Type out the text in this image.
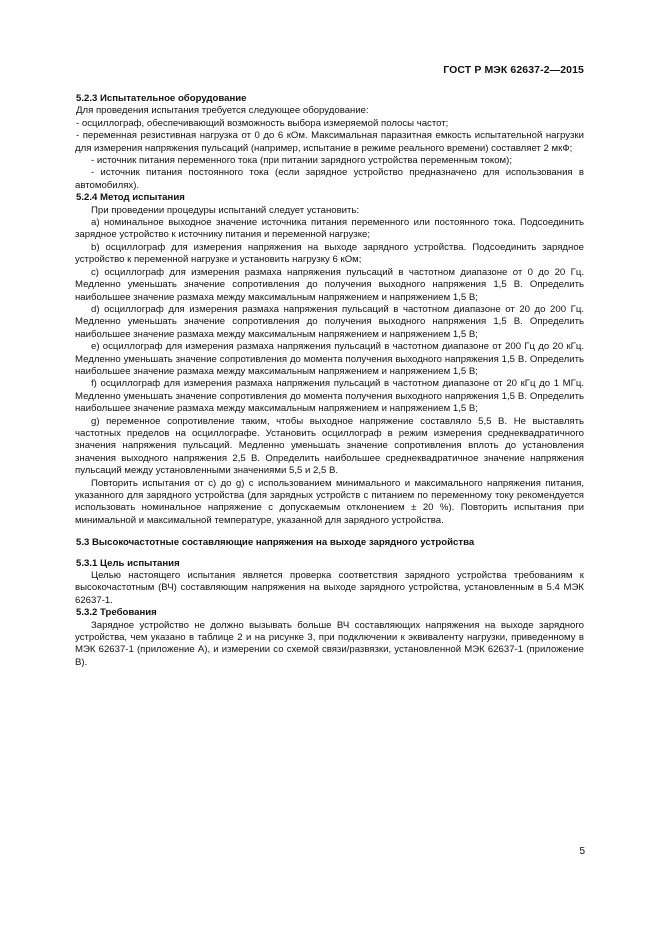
ГОСТ Р МЭК 62637-2—2015

5.2.3 Испытательное оборудование

Для проведения испытания требуется следующее оборудование:

- осциллограф, обеспечивающий возможность выбора измеряемой полосы частот;

- переменная резистивная нагрузка от 0 до 6 кОм. Максимальная паразитная емкость испытательной нагрузки для измерения напряжения пульсаций (например, испытание в режиме реального времени) составляет 2 мкФ;

- источник питания переменного тока (при питании зарядного устройства переменным током);

- источник питания постоянного тока (если зарядное устройство предназначено для использования в автомобилях).

5.2.4 Метод испытания

При проведении процедуры испытаний следует установить:

а) номинальное выходное значение источника питания переменного или постоянного тока. Подсоединить зарядное устройство к источнику питания и переменной нагрузке;

b) осциллограф для измерения напряжения на выходе зарядного устройства. Подсоединить зарядное устройство к переменной нагрузке и установить нагрузку 6 кОм;

c) осциллограф для измерения размаха напряжения пульсаций в частотном диапазоне от 0 до 20 Гц. Медленно уменьшать значение сопротивления до получения выходного напряжения 1,5 В. Определить наибольшее значение размаха между максимальным напряжением и напряжением 1,5 В;

d) осциллограф для измерения размаха напряжения пульсаций в частотном диапазоне от 20 до 200 Гц. Медленно уменьшать значение сопротивления до получения выходного напряжения 1,5 В. Определить наибольшее значение размаха между максимальным напряжением и напряжением 1,5 В;

e) осциллограф для измерения размаха напряжения пульсаций в частотном диапазоне от 200 Гц до 20 кГц. Медленно уменьшать значение сопротивления до момента получения выходного напряжения 1,5 В. Определить наибольшее значение размаха между максимальным напряжением и напряжением 1,5 В;

f) осциллограф для измерения размаха напряжения пульсаций в частотном диапазоне от 20 кГц до 1 МГц. Медленно уменьшать значение сопротивления до момента получения выходного напряжения 1,5 В. Определить наибольшее значение размаха между максимальным напряжением и напряжением 1,5 В;

g) переменное сопротивление таким, чтобы выходное напряжение составляло 5,5 В. Не выставлять частотных пределов на осциллографе. Установить осциллограф в режим измерения среднеквадратичного значения напряжения пульсаций. Медленно уменьшать значение сопротивления вплоть до установления значения выходного напряжения 2,5 В. Определить наибольшее среднеквадратичное значение напряжения пульсаций между установленными значениями 5,5 и 2,5 В.

Повторить испытания от c) до g) с использованием минимального и максимального напряжения питания, указанного для зарядного устройства (для зарядных устройств с питанием по переменному току рекомендуется использовать номинальное напряжение с допускаемым отклонением ± 20 %). Повторить испытания при минимальной и максимальной температуре, указанной для зарядного устройства.

5.3 Высокочастотные составляющие напряжения на выходе зарядного устройства

5.3.1 Цель испытания

Целью настоящего испытания является проверка соответствия зарядного устройства требованиям к высокочастотным (ВЧ) составляющим напряжения на выходе зарядного устройства, установленным в 5.4 МЭК 62637-1.

5.3.2 Требования

Зарядное устройство не должно вызывать больше ВЧ составляющих напряжения на выходе зарядного устройства, чем указано в таблице 2 и на рисунке 3, при подключении к эквиваленту нагрузки, приведенному в МЭК 62637-1 (приложение А), и измерении со схемой связи/развязки, установленной МЭК 62637-1 (приложение В).

5
